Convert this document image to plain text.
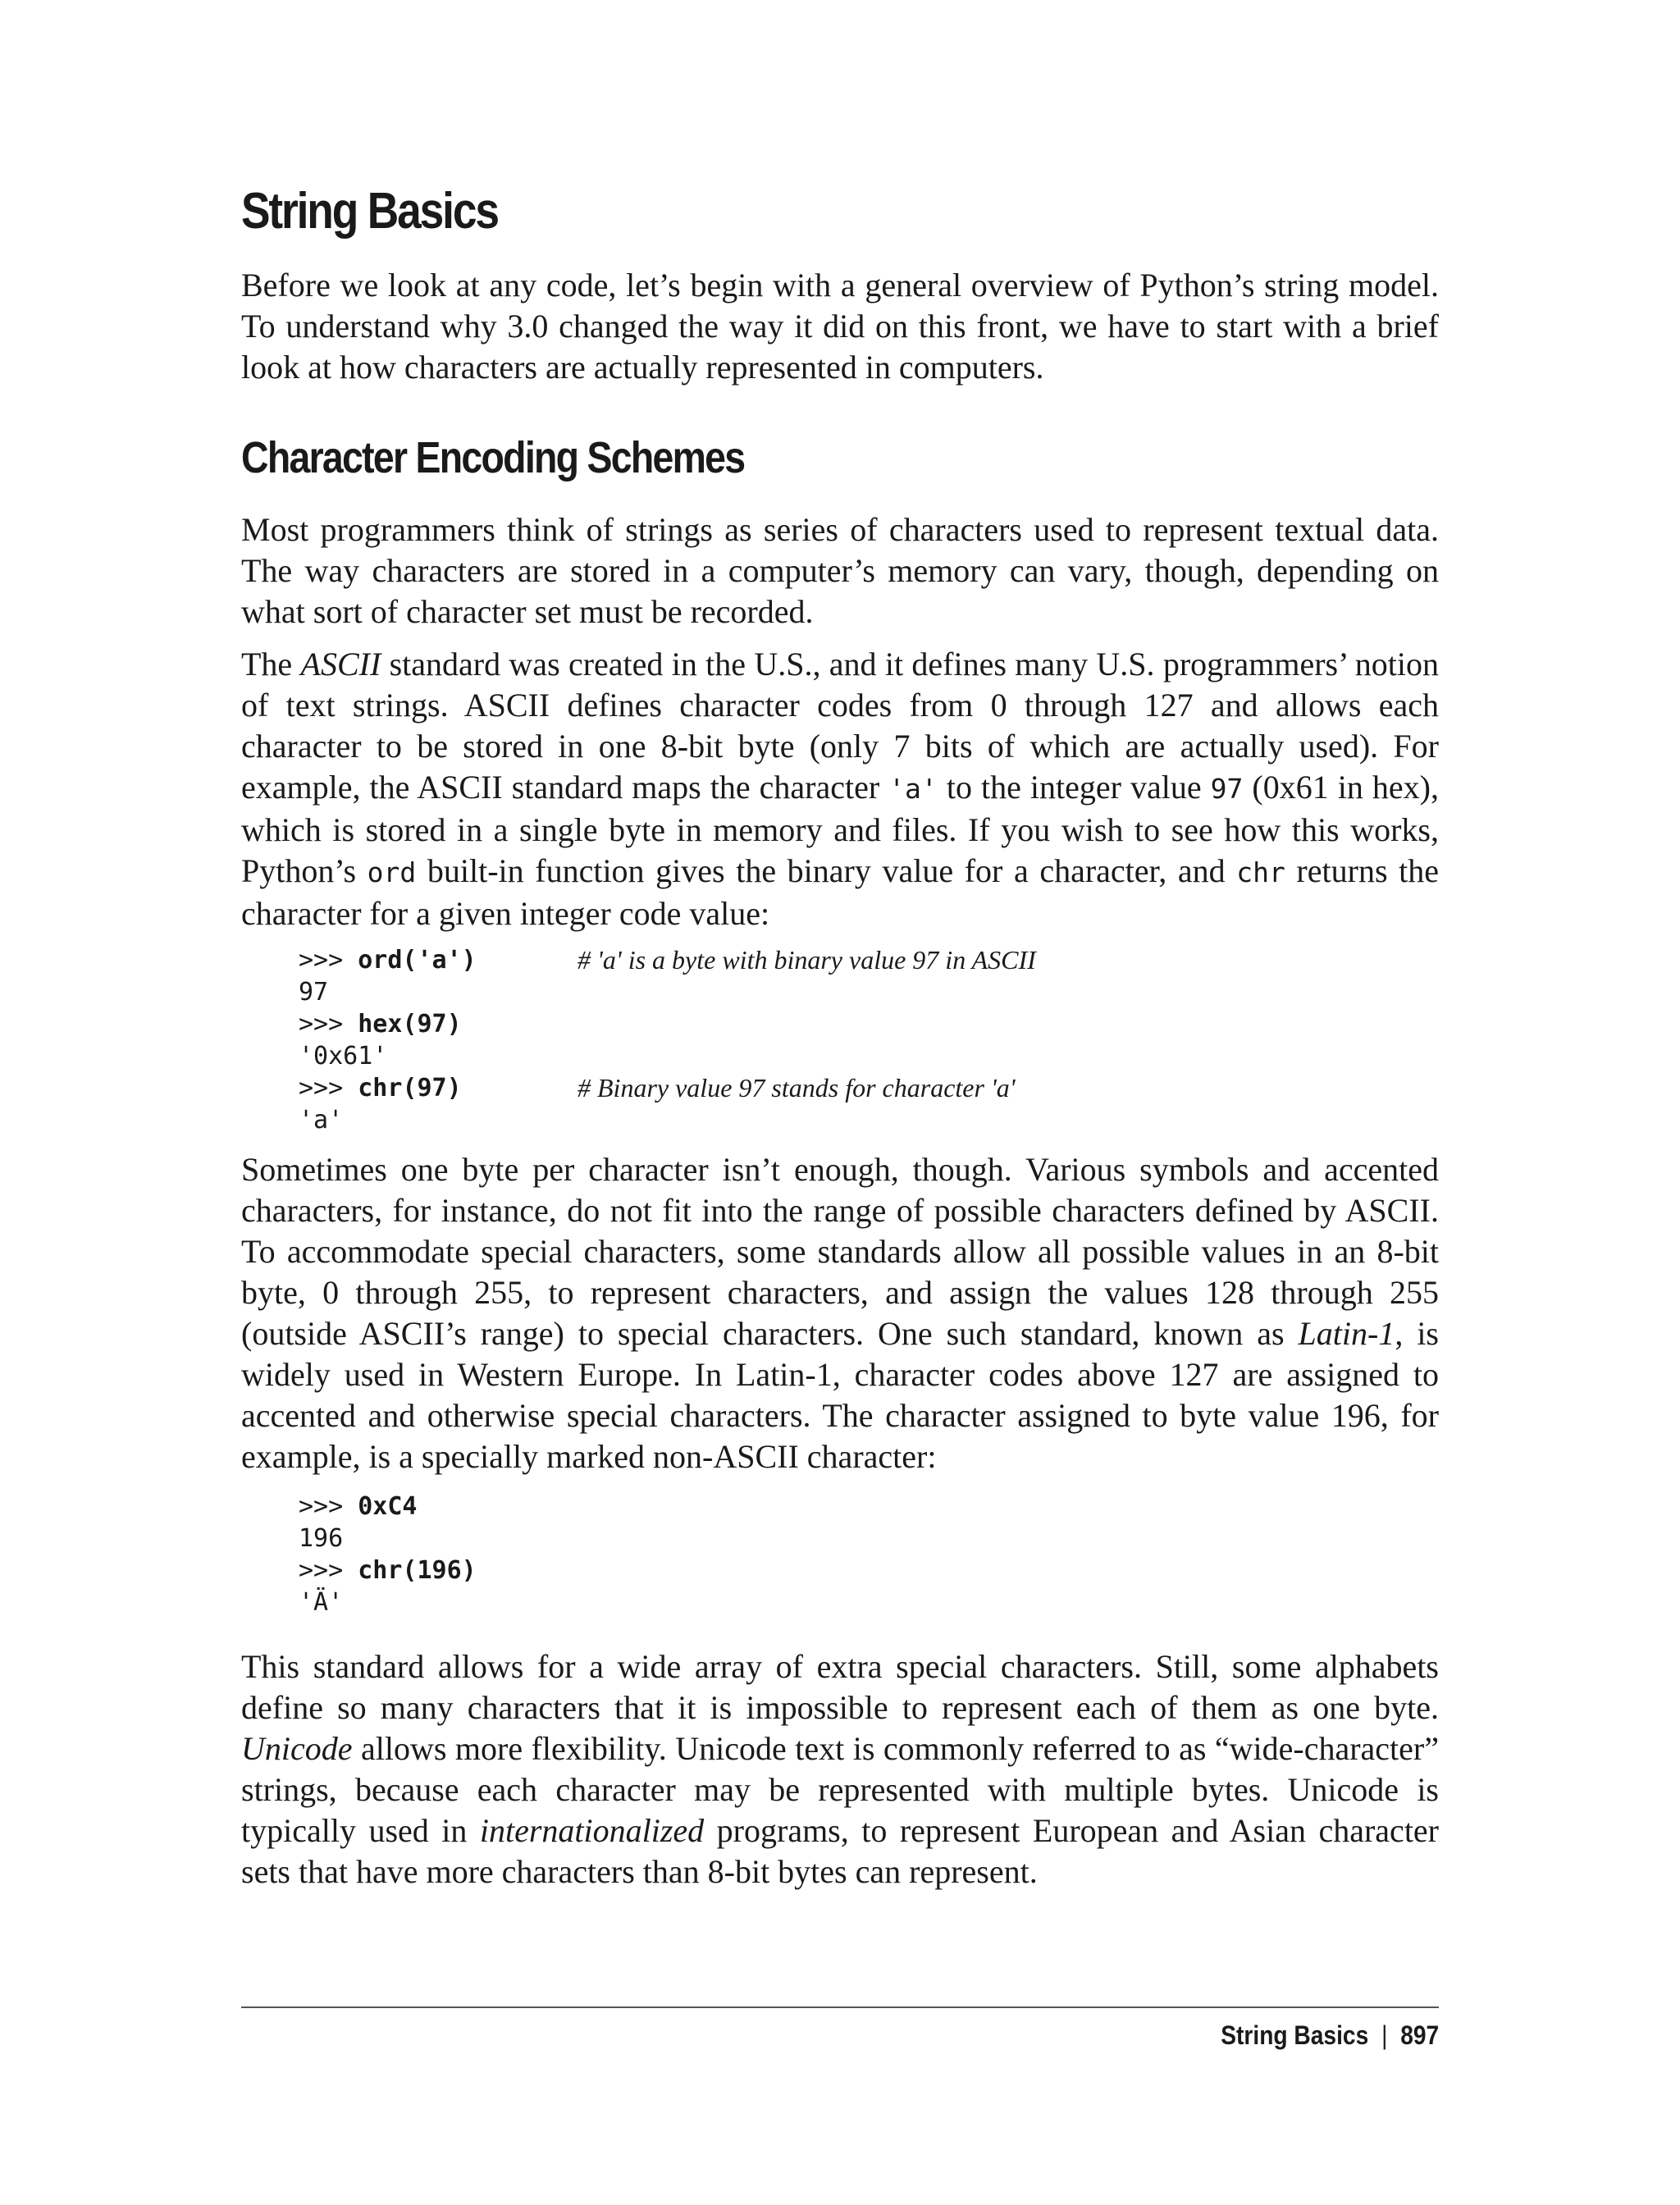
String Basics

Before we look at any code, let’s begin with a general overview of Python’s string model. To understand why 3.0 changed the way it did on this front, we have to start with a brief look at how characters are actually represented in computers.

Character Encoding Schemes

Most programmers think of strings as series of characters used to represent textual data. The way characters are stored in a computer’s memory can vary, though, depending on what sort of character set must be recorded.

The ASCII standard was created in the U.S., and it defines many U.S. programmers’ notion of text strings. ASCII defines character codes from 0 through 127 and allows each character to be stored in one 8-bit byte (only 7 bits of which are actually used). For example, the ASCII standard maps the character 'a' to the integer value 97 (0x61 in hex), which is stored in a single byte in memory and files. If you wish to see how this works, Python’s ord built-in function gives the binary value for a character, and chr returns the character for a given integer code value:

>>> ord('a')	# 'a' is a byte with binary value 97 in ASCII
97
>>> hex(97)
'0x61'
>>> chr(97)	# Binary value 97 stands for character 'a'
'a'

Sometimes one byte per character isn’t enough, though. Various symbols and accented characters, for instance, do not fit into the range of possible characters defined by ASCII. To accommodate special characters, some standards allow all possible values in an 8-bit byte, 0 through 255, to represent characters, and assign the values 128 through 255 (outside ASCII’s range) to special characters. One such standard, known as Latin-1, is widely used in Western Europe. In Latin-1, character codes above 127 are assigned to accented and otherwise special characters. The character assigned to byte value 196, for example, is a specially marked non-ASCII character:

>>> 0xC4
196
>>> chr(196)
'Ä'

This standard allows for a wide array of extra special characters. Still, some alphabets define so many characters that it is impossible to represent each of them as one byte. Unicode allows more flexibility. Unicode text is commonly referred to as “wide-character” strings, because each character may be represented with multiple bytes. Unicode is typically used in internationalized programs, to represent European and Asian character sets that have more characters than 8-bit bytes can represent.

String Basics | 897
